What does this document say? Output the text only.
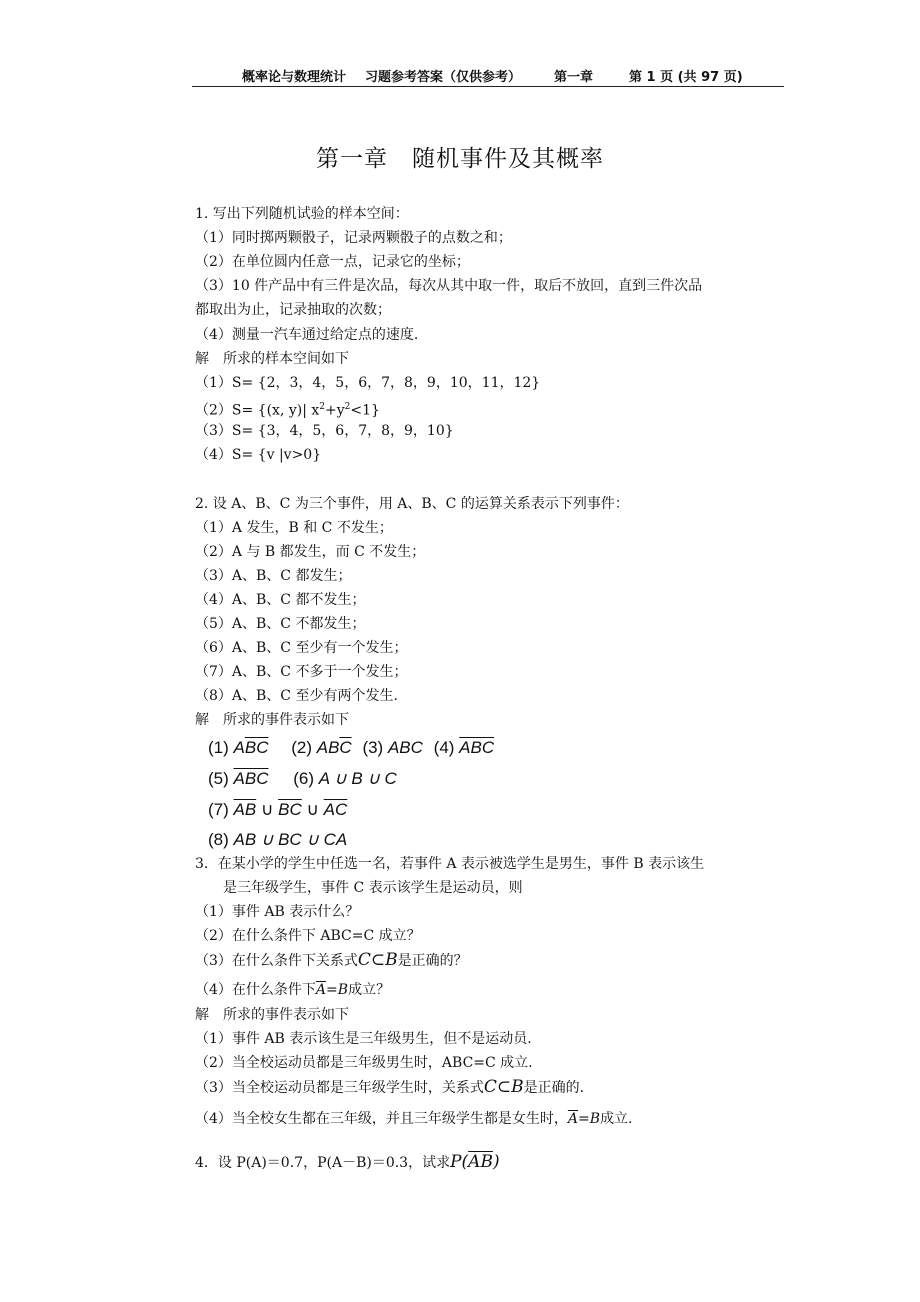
概率论与数理统计 习题参考答案（仅供参考）	第一章	第 1 页 (共 97 页)
第一章　随机事件及其概率
1. 写出下列随机试验的样本空间：
（1）同时掷两颗骰子，记录两颗骰子的点数之和；
（2）在单位圆内任意一点，记录它的坐标；
（3）10 件产品中有三件是次品，每次从其中取一件，取后不放回，直到三件次品
都取出为止，记录抽取的次数；
（4）测量一汽车通过给定点的速度.
解　所求的样本空间如下
（1）S= {2，3，4，5，6，7，8，9，10，11，12}
（2）S= {(x, y)| $x^2+y^2<1$}
（3）S= {3，4，5，6，7，8，9，10}
（4）S= {v |v>0}
2. 设 A、B、C 为三个事件，用 A、B、C 的运算关系表示下列事件：
（1）A 发生，B 和 C 不发生；
（2）A 与 B 都发生，而 C 不发生；
（3）A、B、C 都发生；
（4）A、B、C 都不发生；
（5）A、B、C 不都发生；
（6）A、B、C 至少有一个发生；
（7）A、B、C 不多于一个发生；
（8）A、B、C 至少有两个发生.
解　所求的事件表示如下
(1) $A\overline{BC}$ (2) $AB\overline{C}$ (3) ABC (4) $\overline{ABC}$
(5) $\overline{ABC}$ (6) A ∪ B ∪ C
(7) $\overline{AB}$ ∪ $\overline{BC}$ ∪ $\overline{AC}$
(8) AB ∪ BC ∪ CA
3．在某小学的学生中任选一名，若事件 A 表示被选学生是男生，事件 B 表示该生
是三年级学生，事件 C 表示该学生是运动员，则
（1）事件 AB 表示什么？
（2）在什么条件下 ABC=C 成立？
（3）在什么条件下关系式C⊂B是正确的？
（4）在什么条件下$\overline{A}=B$成立？
解　所求的事件表示如下
（1）事件 AB 表示该生是三年级男生，但不是运动员.
（2）当全校运动员都是三年级男生时，ABC=C 成立.
（3）当全校运动员都是三年级学生时，关系式C⊂B是正确的.
（4）当全校女生都在三年级，并且三年级学生都是女生时，$\overline{A}=B$成立.
4．设 P(A)＝0.7，P(A－B)＝0.3，试求$P(\overline{AB})$
